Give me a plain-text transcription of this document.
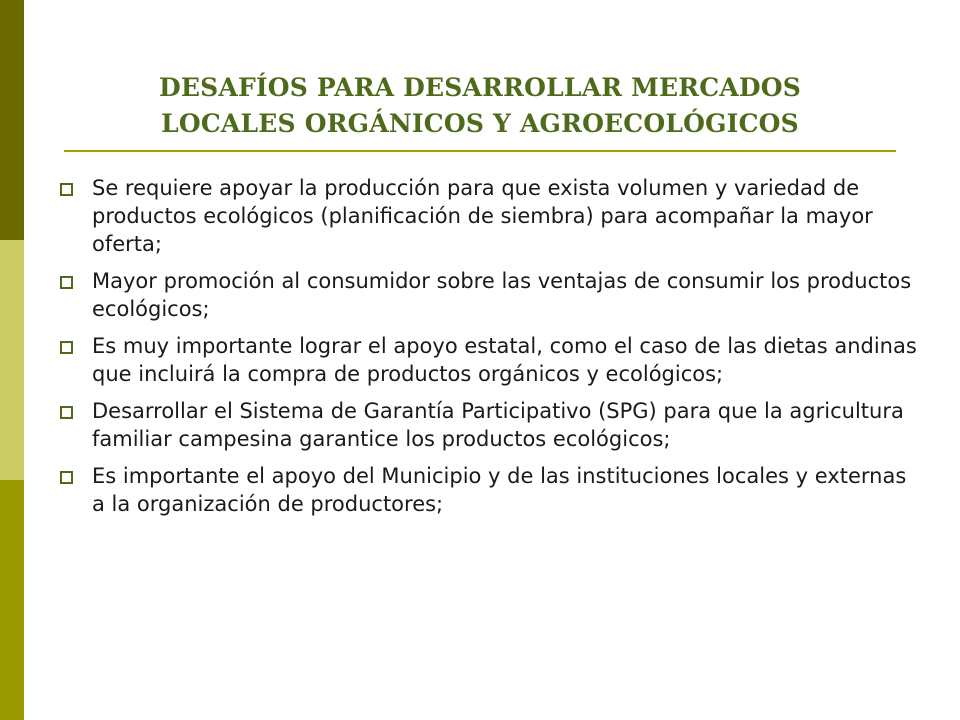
DESAFÍOS PARA DESARROLLAR MERCADOS
LOCALES ORGÁNICOS Y AGROECOLÓGICOS
Se requiere apoyar la producción para que exista volumen y variedad de productos ecológicos (planificación de siembra) para acompañar la mayor oferta;
Mayor promoción al consumidor sobre las ventajas de consumir los productos ecológicos;
Es muy importante lograr el apoyo estatal, como el caso de las dietas andinas que incluirá la compra de productos orgánicos y ecológicos;
Desarrollar el Sistema de Garantía Participativo (SPG) para que la agricultura familiar campesina garantice los productos ecológicos;
Es importante el apoyo del Municipio y de las instituciones locales y externas a la organización de productores;
